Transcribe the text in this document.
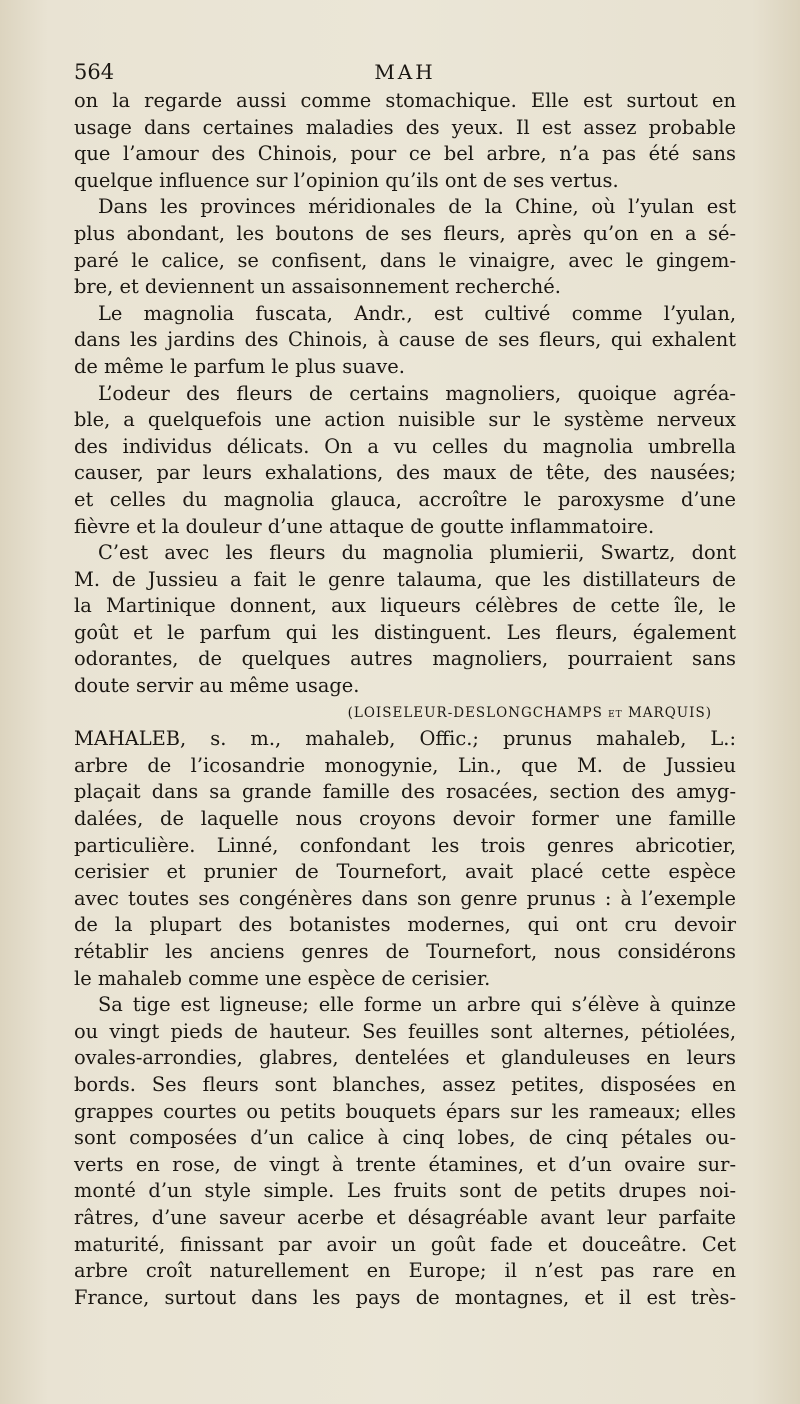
564	MAH
on la regarde aussi comme stomachique. Elle est surtout en
usage dans certaines maladies des yeux. Il est assez probable
que l’amour des Chinois, pour ce bel arbre, n’a pas été sans
quelque influence sur l’opinion qu’ils ont de ses vertus.
Dans les provinces méridionales de la Chine, où l’yulan est
plus abondant, les boutons de ses fleurs, après qu’on en a sé-
paré le calice, se confisent, dans le vinaigre, avec le gingem-
bre, et deviennent un assaisonnement recherché.
Le magnolia fuscata, Andr., est cultivé comme l’yulan,
dans les jardins des Chinois, à cause de ses fleurs, qui exhalent
de même le parfum le plus suave.
L’odeur des fleurs de certains magnoliers, quoique agréa-
ble, a quelquefois une action nuisible sur le système nerveux
des individus délicats. On a vu celles du magnolia umbrella
causer, par leurs exhalations, des maux de tête, des nausées;
et celles du magnolia glauca, accroître le paroxysme d’une
fièvre et la douleur d’une attaque de goutte inflammatoire.
C’est avec les fleurs du magnolia plumierii, Swartz, dont
M. de Jussieu a fait le genre talauma, que les distillateurs de
la Martinique donnent, aux liqueurs célèbres de cette île, le
goût et le parfum qui les distinguent. Les fleurs, également
odorantes, de quelques autres magnoliers, pourraient sans
doute servir au même usage.
(LOISELEUR-DESLONGCHAMPS et MARQUIS)
MAHALEB, s. m., mahaleb, Offic.; prunus mahaleb, L.:
arbre de l’icosandrie monogynie, Lin., que M. de Jussieu
plaçait dans sa grande famille des rosacées, section des amyg-
dalées, de laquelle nous croyons devoir former une famille
particulière. Linné, confondant les trois genres abricotier,
cerisier et prunier de Tournefort, avait placé cette espèce
avec toutes ses congénères dans son genre prunus : à l’exemple
de la plupart des botanistes modernes, qui ont cru devoir
rétablir les anciens genres de Tournefort, nous considérons
le mahaleb comme une espèce de cerisier.
Sa tige est ligneuse; elle forme un arbre qui s’élève à quinze
ou vingt pieds de hauteur. Ses feuilles sont alternes, pétiolées,
ovales-arrondies, glabres, dentelées et glanduleuses en leurs
bords. Ses fleurs sont blanches, assez petites, disposées en
grappes courtes ou petits bouquets épars sur les rameaux; elles
sont composées d’un calice à cinq lobes, de cinq pétales ou-
verts en rose, de vingt à trente étamines, et d’un ovaire sur-
monté d’un style simple. Les fruits sont de petits drupes noi-
râtres, d’une saveur acerbe et désagréable avant leur parfaite
maturité, finissant par avoir un goût fade et douceâtre. Cet
arbre croît naturellement en Europe; il n’est pas rare en
France, surtout dans les pays de montagnes, et il est très-
